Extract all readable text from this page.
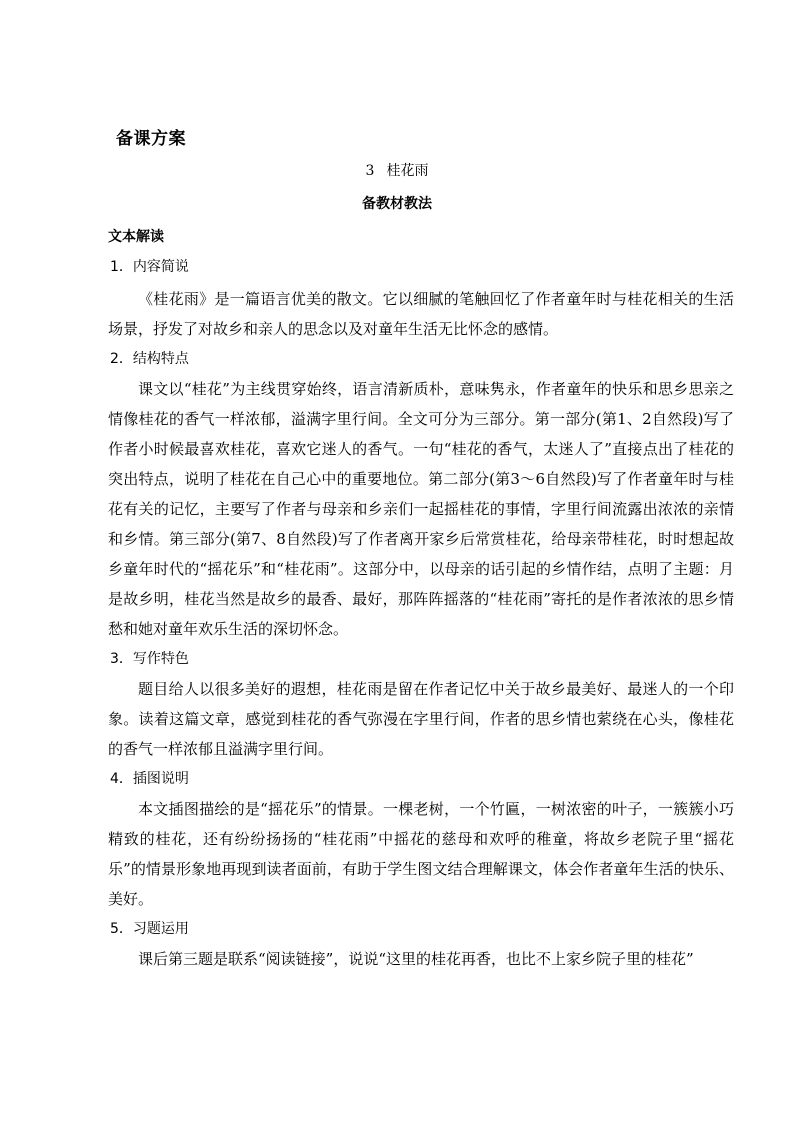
备课方案
3 桂花雨
备教材教法
文本解读
1．内容简说

《桂花雨》是一篇语言优美的散文。它以细腻的笔触回忆了作者童年时与桂花相关的生活场景，抒发了对故乡和亲人的思念以及对童年生活无比怀念的感情。

2．结构特点

课文以“桂花”为主线贯穿始终，语言清新质朴，意味隽永，作者童年的快乐和思乡思亲之情像桂花的香气一样浓郁，溢满字里行间。全文可分为三部分。第一部分(第1、2自然段)写了作者小时候最喜欢桂花，喜欢它迷人的香气。一句“桂花的香气，太迷人了”直接点出了桂花的突出特点，说明了桂花在自己心中的重要地位。第二部分(第3～6自然段)写了作者童年时与桂花有关的记忆，主要写了作者与母亲和乡亲们一起摇桂花的事情，字里行间流露出浓浓的亲情和乡情。第三部分(第7、8自然段)写了作者离开家乡后常赏桂花，给母亲带桂花，时时想起故乡童年时代的“摇花乐”和“桂花雨”。这部分中，以母亲的话引起的乡情作结，点明了主题：月是故乡明，桂花当然是故乡的最香、最好，那阵阵摇落的“桂花雨”寄托的是作者浓浓的思乡情愁和她对童年欢乐生活的深切怀念。

3．写作特色

题目给人以很多美好的遐想，桂花雨是留在作者记忆中关于故乡最美好、最迷人的一个印象。读着这篇文章，感觉到桂花的香气弥漫在字里行间，作者的思乡情也萦绕在心头，像桂花的香气一样浓郁且溢满字里行间。

4．插图说明

本文插图描绘的是“摇花乐”的情景。一棵老树，一个竹匾，一树浓密的叶子，一簇簇小巧精致的桂花，还有纷纷扬扬的“桂花雨”中摇花的慈母和欢呼的稚童，将故乡老院子里“摇花乐”的情景形象地再现到读者面前，有助于学生图文结合理解课文，体会作者童年生活的快乐、美好。

5．习题运用

课后第三题是联系“阅读链接”，说说“这里的桂花再香，也比不上家乡院子里的桂花”
